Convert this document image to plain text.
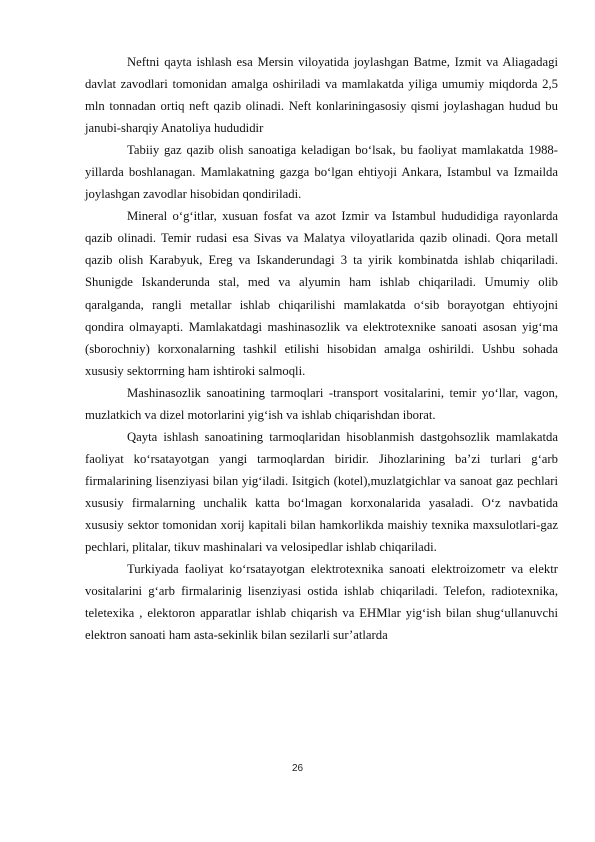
Neftni qayta ishlash esa Mersin viloyatida joylashgan Batme, Izmit va Aliagadagi davlat zavodlari tomonidan amalga oshiriladi va mamlakatda yiliga umumiy miqdorda 2,5 mln tonnadan ortiq neft qazib olinadi. Neft konlariningasosiy qismi joylashagan hudud bu janubi-sharqiy Anatoliya hududidir

Tabiiy gaz qazib olish sanoatiga keladigan bo‘lsak, bu faoliyat mamlakatda 1988-yillarda boshlanagan. Mamlakatning gazga bo‘lgan ehtiyoji Ankara, Istambul va Izmailda joylashgan zavodlar hisobidan qondiriladi.

Mineral o‘g‘itlar, xusuan fosfat va azot Izmir va Istambul hududidiga rayonlarda qazib olinadi. Temir rudasi esa Sivas va Malatya viloyatlarida qazib olinadi. Qora metall qazib olish Karabyuk, Ereg va Iskanderundagi 3 ta yirik kombinatda ishlab chiqariladi. Shunigde Iskanderunda stal, med va alyumin ham ishlab chiqariladi. Umumiy olib qaralganda, rangli metallar ishlab chiqarilishi mamlakatda o‘sib borayotgan ehtiyojni qondira olmayapti. Mamlakatdagi mashinasozlik va elektrotexnike sanoati asosan yig‘ma (sborochniy) korxonalarning tashkil etilishi hisobidan amalga oshirildi. Ushbu sohada xususiy sektorrning ham ishtiroki salmoqli.

Mashinasozlik sanoatining tarmoqlari -transport vositalarini, temir yo‘llar, vagon, muzlatkich va dizel motorlarini yig‘ish va ishlab chiqarishdan iborat.

Qayta ishlash sanoatining tarmoqlaridan hisoblanmish dastgohsozlik mamlakatda faoliyat ko‘rsatayotgan yangi tarmoqlardan biridir. Jihozlarining ba’zi turlari g‘arb firmalarining lisenziyasi bilan yig‘iladi. Isitgich (kotel),muzlatgichlar va sanoat gaz pechlari xususiy firmalarning unchalik katta bo‘lmagan korxonalarida yasaladi. O‘z navbatida xususiy sektor tomonidan xorij kapitali bilan hamkorlikda maishiy texnika maxsulotlari-gaz pechlari, plitalar, tikuv mashinalari va velosipedlar ishlab chiqariladi.

Turkiyada faoliyat ko‘rsatayotgan elektrotexnika sanoati elektroizometr va elektr vositalarini g‘arb firmalarinig lisenziyasi ostida ishlab chiqariladi. Telefon, radiotexnika, teletexika , elektoron apparatlar ishlab chiqarish va EHMlar yig‘ish bilan shug‘ullanuvchi elektron sanoati ham asta-sekinlik bilan sezilarli sur’atlarda

26
